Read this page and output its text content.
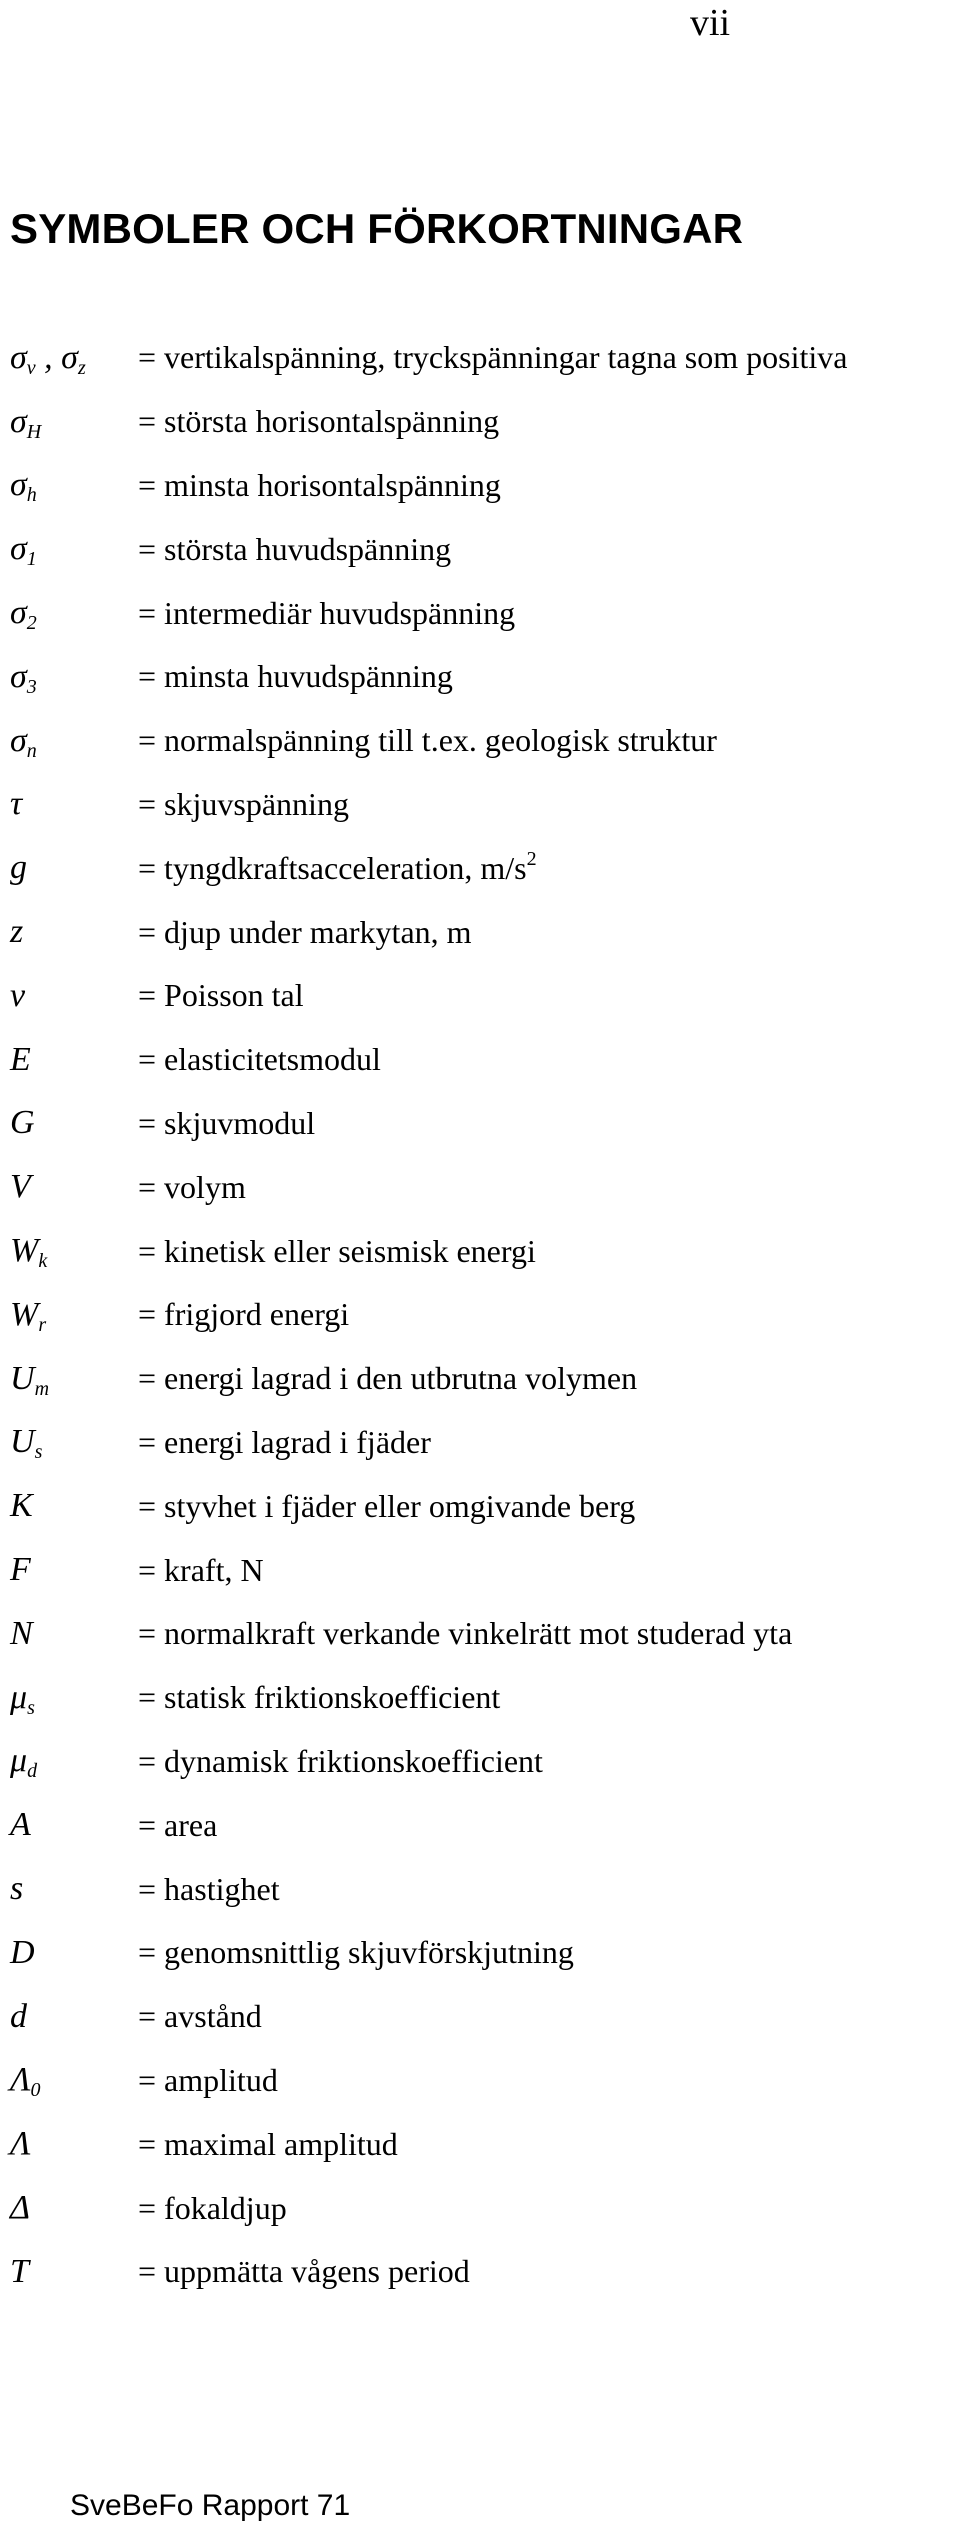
vii
SYMBOLER OCH FÖRKORTNINGAR
$\sigma_v$ , $\sigma_z$	= vertikalspänning, tryckspänningar tagna som positiva
$\sigma_H$	= största horisontalspänning
$\sigma_h$	= minsta horisontalspänning
$\sigma_1$	= största huvudspänning
$\sigma_2$	= intermediär huvudspänning
$\sigma_3$	= minsta huvudspänning
$\sigma_n$	= normalspänning till t.ex. geologisk struktur
τ	= skjuvspänning
g	= tyngdkraftsacceleration, $m/s^2$
z	= djup under markytan, m
ν	= Poisson tal
E	= elasticitetsmodul
G	= skjuvmodul
V	= volym
$W_k$	= kinetisk eller seismisk energi
$W_r$	= frigjord energi
$U_m$	= energi lagrad i den utbrutna volymen
$U_s$	= energi lagrad i fjäder
K	= styvhet i fjäder eller omgivande berg
F	= kraft, N
N	= normalkraft verkande vinkelrätt mot studerad yta
$\mu_s$	= statisk friktionskoefficient
$\mu_d$	= dynamisk friktionskoefficient
A	= area
s	= hastighet
D	= genomsnittlig skjuvförskjutning
d	= avstånd
$\Lambda_0$	= amplitud
Λ	= maximal amplitud
Δ	= fokaldjup
T	= uppmätta vågens period
SveBeFo Rapport 71
